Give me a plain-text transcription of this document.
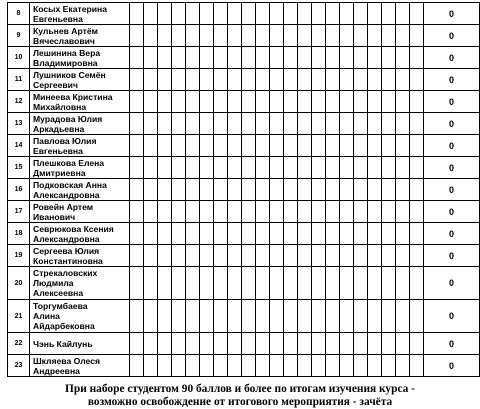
8	Косых Екатерина
Евгеньевна																						0
9	Кульнев Артём
Вячеславович																						0
10	Лешинина Вера
Владимировна																						0
11	Лушников Семён
Сергеевич																						0
12	Минеева Кристина
Михайловна																						0
13	Мурадова Юлия
Аркадьевна																						0
14	Павлова Юлия
Евгеньевна																						0
15	Плешкова Елена
Дмитриевна																						0
16	Подковская Анна
Александровна																						0
17	Ровейн Артем
Иванович																						0
18	Севрюкова Ксения
Александровна																						0
19	Сергеева Юлия
Константиновна																						0
20	Стрекаловских
Людмила
Алексеевна																						0
21	Торгумбаева
Алина
Айдарбековна																						0
22	Чэнь Кайлунь																						0
23	Шкляева Олеся
Андреевна																						0
При наборе студентом 90 баллов и более по итогам изучения курса -
возможно освобождение от итогового мероприятия - зачёта
